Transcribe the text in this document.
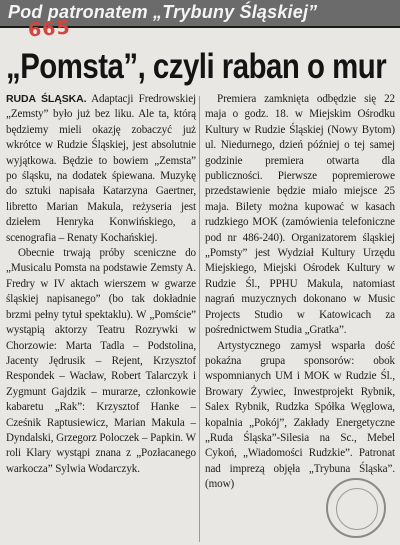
Pod patronatem „Trybuny Śląskiej”
665
„Pomsta”, czyli raban o mur

RUDA ŚLĄSKA. Adaptacji Fredrowskiej „Zemsty” było już bez liku. Ale ta, którą będziemy mieli okazję zobaczyć już wkrótce w Rudzie Śląskiej, jest absolutnie wyjątkowa. Będzie to bowiem „Zemsta” po śląsku, na dodatek śpiewana. Muzykę do sztuki napisała Katarzyna Gaertner, libretto Marian Makula, reżyseria jest dziełem Henryka Konwińskiego, a scenografia – Renaty Kochańskiej.

Obecnie trwają próby sceniczne do „Musicalu Pomsta na podstawie Zemsty A. Fredry w IV aktach wierszem w gwarze śląskiej napisanego” (bo tak dokładnie brzmi pełny tytuł spektaklu). W „Pomście” wystąpią aktorzy Teatru Rozrywki w Chorzowie: Marta Tadla – Podstolina, Jacenty Jędrusik – Rejent, Krzysztof Respondek – Wacław, Robert Talarczyk i Zygmunt Gajdzik – murarze, członkowie kabaretu „Rak”: Krzysztof Hanke – Cześnik Raptusiewicz, Marian Makula – Dyndalski, Grzegorz Poloczek – Papkin. W roli Klary wystąpi znana z „Pozłacanego warkocza” Sylwia Wodarczyk.

Premiera zamknięta odbędzie się 22 maja o godz. 18. w Miejskim Ośrodku Kultury w Rudzie Śląskiej (Nowy Bytom) ul. Niedurnego, dzień później o tej samej godzinie premiera otwarta dla publiczności. Pierwsze popremierowe przedstawienie będzie miało miejsce 25 maja. Bilety można kupować w kasach rudzkiego MOK (zamówienia telefoniczne pod nr 486-240). Organizatorem śląskiej „Pomsty” jest Wydział Kultury Urzędu Miejskiego, Miejski Ośrodek Kultury w Rudzie Śl., PPHU Makula, natomiast nagrań muzycznych dokonano w Music Projects Studio w Katowicach za pośrednictwem Studia „Gratka”.

Artystycznego zamysł wsparła dość pokaźna grupa sponsorów: obok wspomnianych UM i MOK w Rudzie Śl., Browary Żywiec, Inwestprojekt Rybnik, Salex Rybnik, Rudzka Spółka Węglowa, kopalnia „Pokój”, Zakłady Energetyczne „Ruda Śląska”-Silesia na Sc., Mebel Cykoń, „Wiadomości Rudzkie”. Patronat nad imprezą objęła „Trybuna Śląska”. (mow)
